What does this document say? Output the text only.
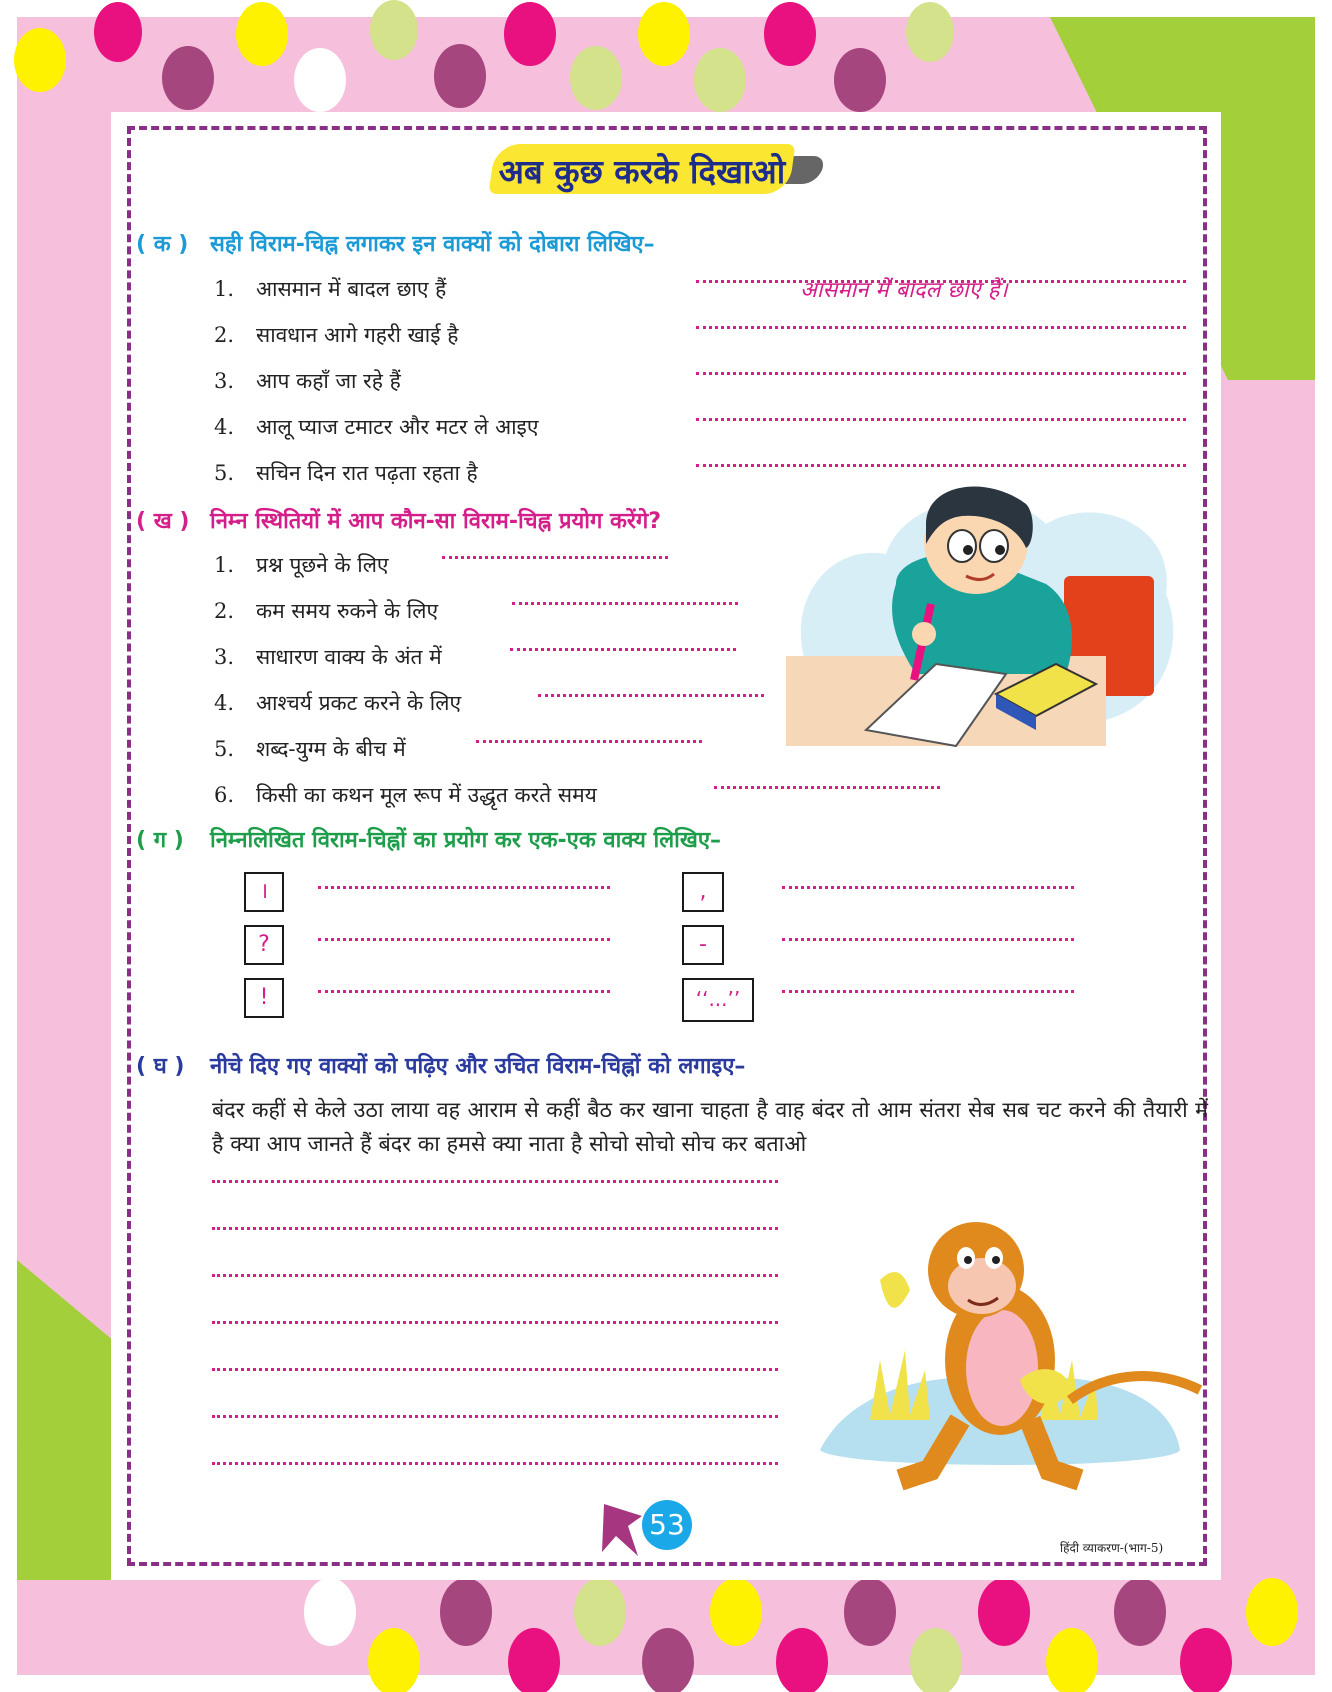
अब कुछ करके दिखाओ
( क ) सही विराम-चिह्न लगाकर इन वाक्यों को दोबारा लिखिए–
1. आसमान में बादल छाए हैं
2. सावधान आगे गहरी खाई है
3. आप कहाँ जा रहे हैं
4. आलू प्याज टमाटर और मटर ले आइए
5. सचिन दिन रात पढ़ता रहता है
आसमान में बादल छाए हैं।
( ख ) निम्न स्थितियों में आप कौन-सा विराम-चिह्न प्रयोग करेंगे?
1. प्रश्न पूछने के लिए
2. कम समय रुकने के लिए
3. साधारण वाक्य के अंत में
4. आश्चर्य प्रकट करने के लिए
5. शब्द-युग्म के बीच में
6. किसी का कथन मूल रूप में उद्धृत करते समय
( ग ) निम्नलिखित विराम-चिह्नों का प्रयोग कर एक-एक वाक्य लिखिए–
।
?
!
,
-
‘‘...’’
( घ ) नीचे दिए गए वाक्यों को पढ़िए और उचित विराम-चिह्नों को लगाइए–
बंदर कहीं से केले उठा लाया वह आराम से कहीं बैठ कर खाना चाहता है वाह बंदर तो आम संतरा सेब सब चट करने की तैयारी में है क्या आप जानते हैं बंदर का हमसे क्या नाता है सोचो सोचो सोच कर बताओ
53
हिंदी व्याकरण-(भाग-5)
